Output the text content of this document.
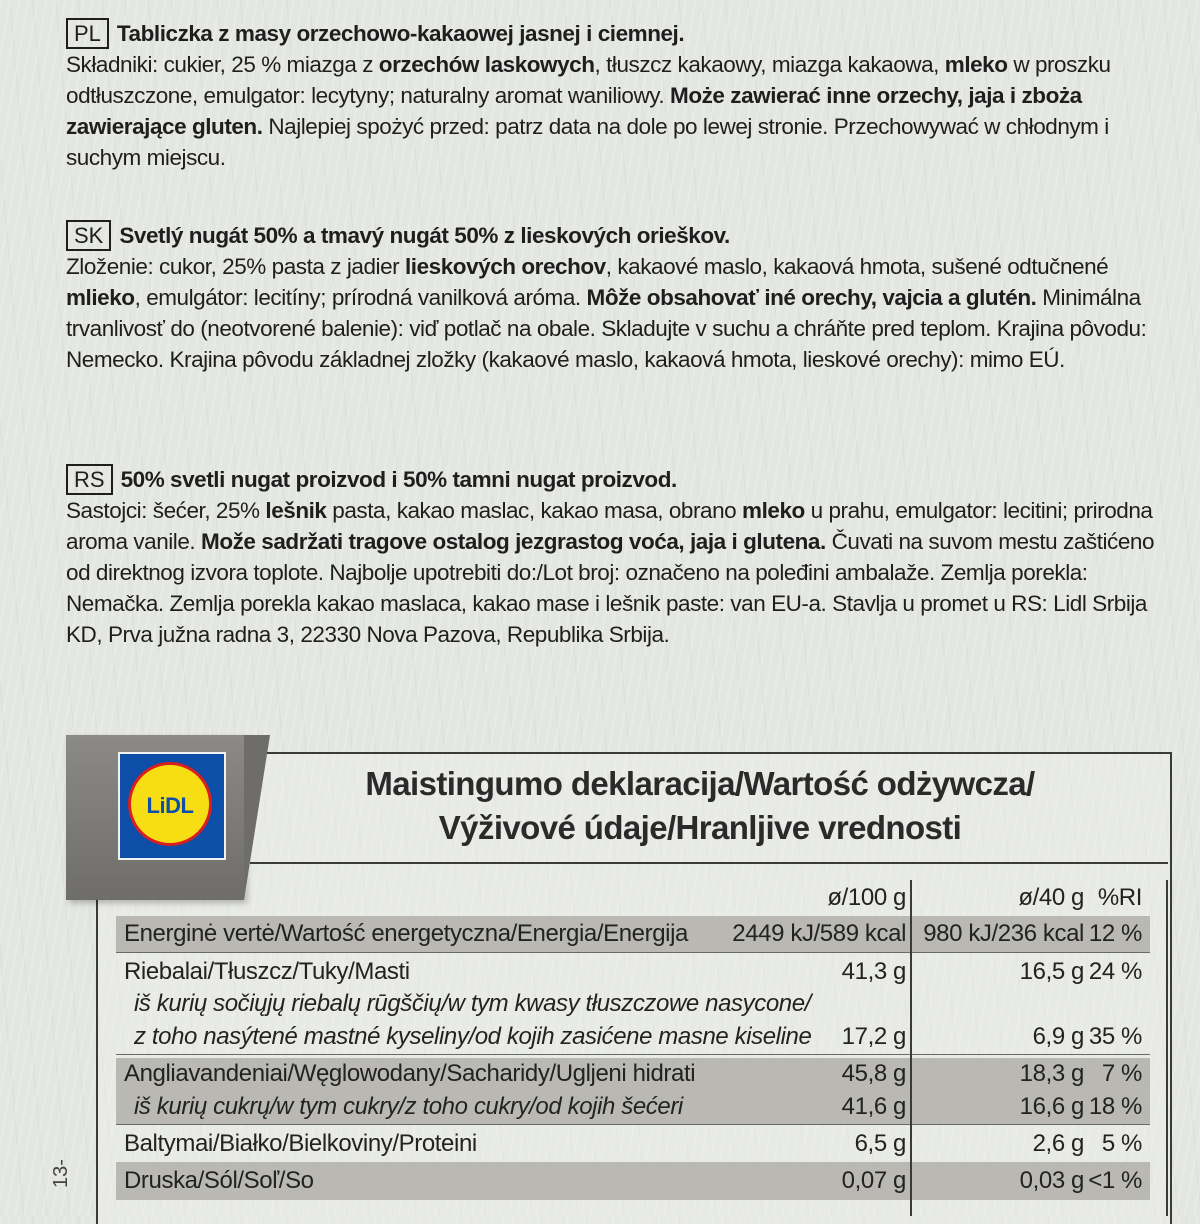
PL Tabliczka z masy orzechowo-kakaowej jasnej i ciemnej.

Składniki: cukier, 25 % miazga z orzechów laskowych, tłuszcz kakaowy, miazga kakaowa, mleko w proszku odtłuszczone, emulgator: lecytyny; naturalny aromat waniliowy. Może zawierać inne orzechy, jaja i zboża zawierające gluten. Najlepiej spożyć przed: patrz data na dole po lewej stronie. Przechowywać w chłodnym i suchym miejscu.

SK Svetlý nugát 50% a tmavý nugát 50% z lieskových orieškov.

Zloženie: cukor, 25% pasta z jadier lieskových orechov, kakaové maslo, kakaová hmota, sušené odtučnené mlieko, emulgátor: lecitíny; prírodná vanilková aróma. Môže obsahovať iné orechy, vajcia a glutén. Minimálna trvanlivosť do (neotvorené balenie): viď potlač na obale. Skladujte v suchu a chráňte pred teplom. Krajina pôvodu: Nemecko. Krajina pôvodu základnej zložky (kakaové maslo, kakaová hmota, lieskové orechy): mimo EÚ.

RS 50% svetli nugat proizvod i 50% tamni nugat proizvod.

Sastojci: šećer, 25% lešnik pasta, kakao maslac, kakao masa, obrano mleko u prahu, emulgator: lecitini; prirodna aroma vanile. Može sadržati tragove ostalog jezgrastog voća, jaja i glutena. Čuvati na suvom mestu zaštićeno od direktnog izvora toplote. Najbolje upotrebiti do:/Lot broj: označeno na poleđini ambalaže. Zemlja porekla: Nemačka. Zemlja porekla kakao maslaca, kakao mase i lešnik paste: van EU-a. Stavlja u promet u RS: Lidl Srbija KD, Prva južna radna 3, 22330 Nova Pazova, Republika Srbija.

LiDL
Maistingumo deklaracija/Wartość odżywcza/
Výživové údaje/Hranljive vrednosti
ø/100 g	ø/40 g %RI
Energinė vertė/Wartość energetyczna/Energia/Energija 2449 kJ/589 kcal 980 kJ/236 kcal 12 %
Riebalai/Tłuszcz/Tuky/Masti	41,3 g	16,5 g 24 %
iš kurių sočiųjų riebalų rūgščių/w tym kwasy tłuszczowe nasycone/
z toho nasýtené mastné kyseliny/od kojih zasićene masne kiseline 17,2 g	6,9 g 35 %
Angliavandeniai/Węglowodany/Sacharidy/Ugljeni hidrati	45,8 g	18,3 g 7 %
iš kurių cukrų/w tym cukry/z toho cukry/od kojih šećeri	41,6 g	16,6 g 18 %
Baltymai/Białko/Bielkoviny/Proteini	6,5 g	2,6 g 5 %
Druska/Sól/Soľ/So	0,07 g	0,03 g <1 %
13-
